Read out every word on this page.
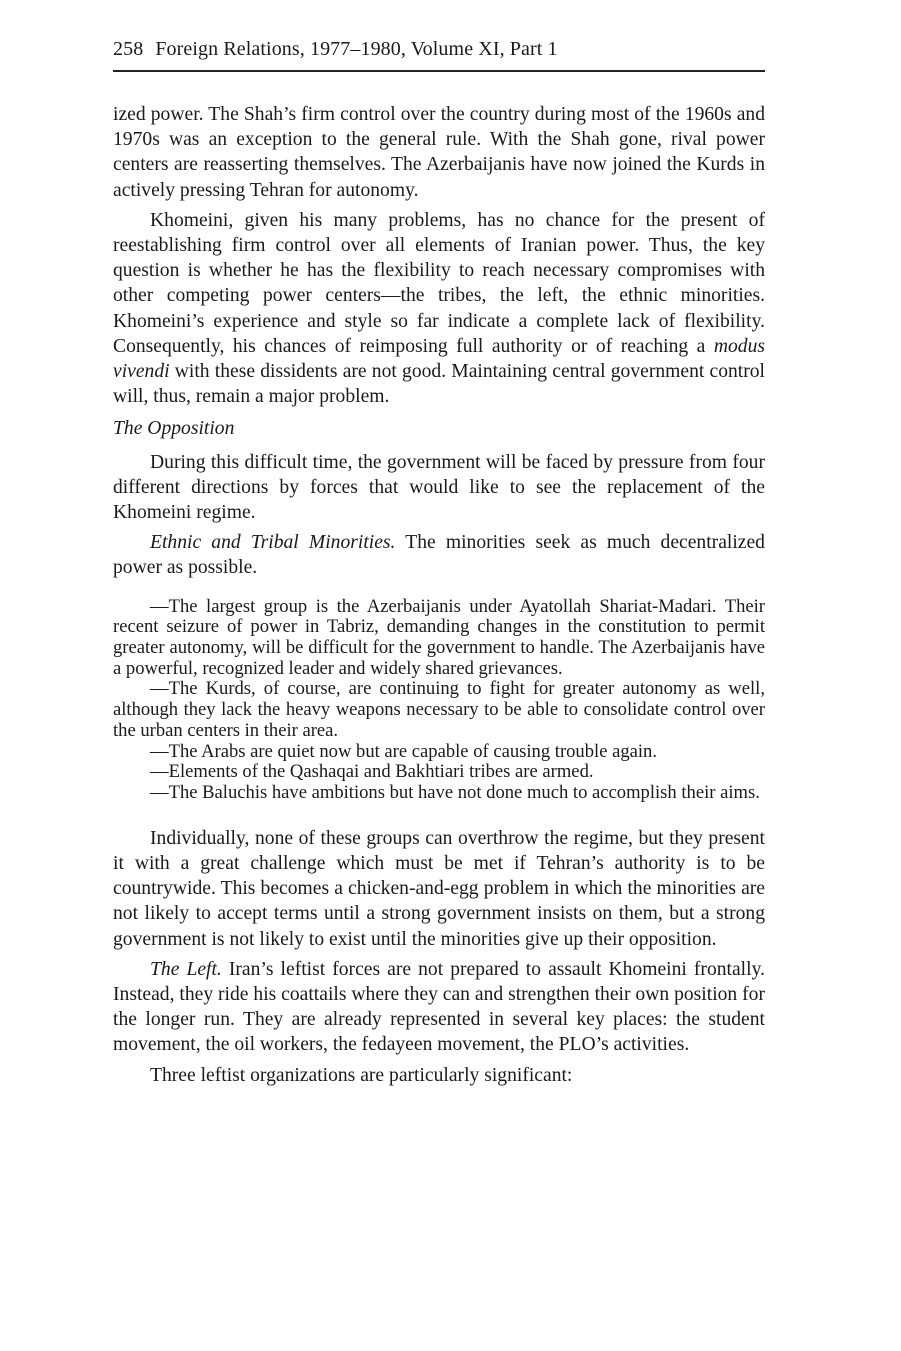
258 Foreign Relations, 1977–1980, Volume XI, Part 1

ized power. The Shah’s firm control over the country during most of the 1960s and 1970s was an exception to the general rule. With the Shah gone, rival power centers are reasserting themselves. The Azerbaijanis have now joined the Kurds in actively pressing Tehran for autonomy.

Khomeini, given his many problems, has no chance for the present of reestablishing firm control over all elements of Iranian power. Thus, the key question is whether he has the flexibility to reach necessary compromises with other competing power centers—the tribes, the left, the ethnic minorities. Khomeini’s experience and style so far indicate a complete lack of flexibility. Consequently, his chances of reimposing full authority or of reaching a modus vivendi with these dissidents are not good. Maintaining central government control will, thus, remain a major problem.

The Opposition

During this difficult time, the government will be faced by pressure from four different directions by forces that would like to see the replacement of the Khomeini regime.

Ethnic and Tribal Minorities. The minorities seek as much decentralized power as possible.

—The largest group is the Azerbaijanis under Ayatollah Shariat-Madari. Their recent seizure of power in Tabriz, demanding changes in the constitution to permit greater autonomy, will be difficult for the government to handle. The Azerbaijanis have a powerful, recognized leader and widely shared grievances.

—The Kurds, of course, are continuing to fight for greater autonomy as well, although they lack the heavy weapons necessary to be able to consolidate control over the urban centers in their area.

—The Arabs are quiet now but are capable of causing trouble again.

—Elements of the Qashaqai and Bakhtiari tribes are armed.

—The Baluchis have ambitions but have not done much to accomplish their aims.

Individually, none of these groups can overthrow the regime, but they present it with a great challenge which must be met if Tehran’s authority is to be countrywide. This becomes a chicken-and-egg problem in which the minorities are not likely to accept terms until a strong government insists on them, but a strong government is not likely to exist until the minorities give up their opposition.

The Left. Iran’s leftist forces are not prepared to assault Khomeini frontally. Instead, they ride his coattails where they can and strengthen their own position for the longer run. They are already represented in several key places: the student movement, the oil workers, the fedayeen movement, the PLO’s activities.

Three leftist organizations are particularly significant:
